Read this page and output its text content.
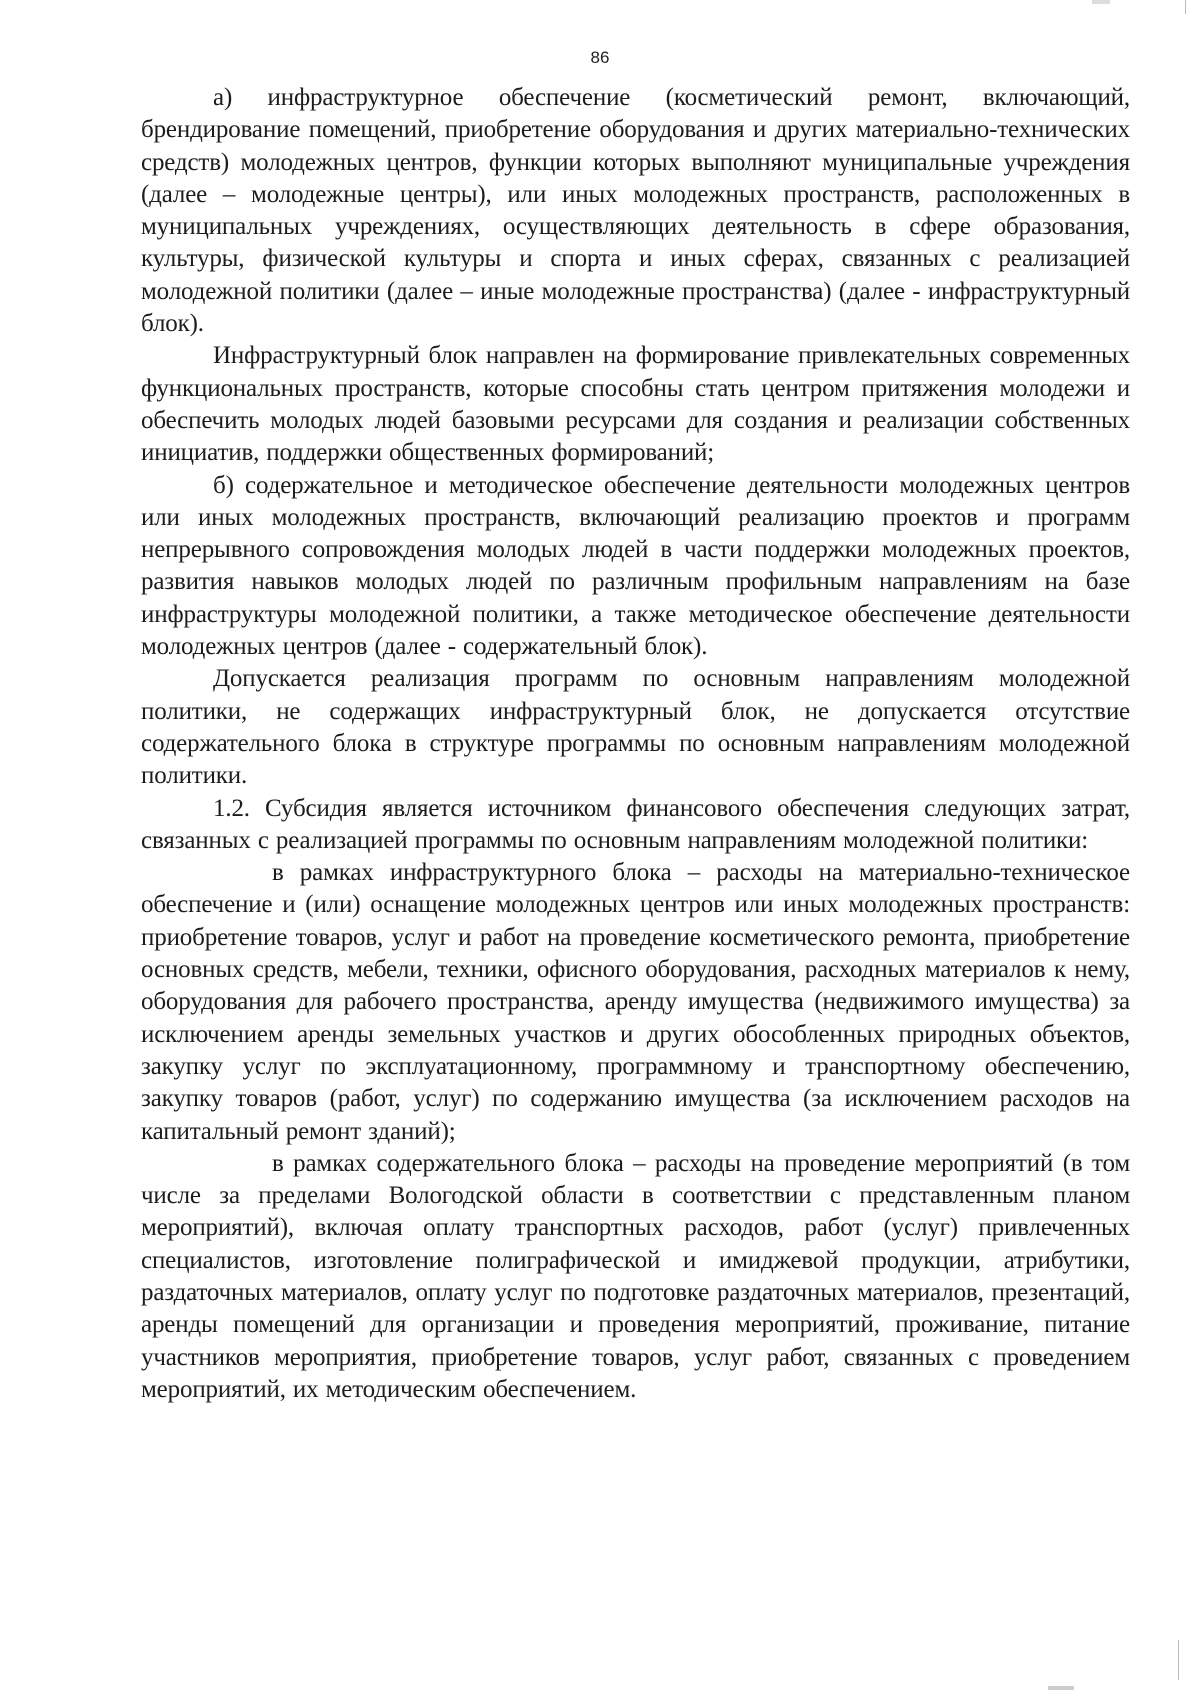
86

а) инфраструктурное обеспечение (косметический ремонт, включающий, брендирование помещений, приобретение оборудования и других материально-технических средств) молодежных центров, функции которых выполняют муниципальные учреждения (далее – молодежные центры), или иных молодежных пространств, расположенных в муниципальных учреждениях, осуществляющих деятельность в сфере образования, культуры, физической культуры и спорта и иных сферах, связанных с реализацией молодежной политики (далее – иные молодежные пространства) (далее - инфраструктурный блок).

Инфраструктурный блок направлен на формирование привлекательных современных функциональных пространств, которые способны стать центром притяжения молодежи и обеспечить молодых людей базовыми ресурсами для создания и реализации собственных инициатив, поддержки общественных формирований;

б) содержательное и методическое обеспечение деятельности молодежных центров или иных молодежных пространств, включающий реализацию проектов и программ непрерывного сопровождения молодых людей в части поддержки молодежных проектов, развития навыков молодых людей по различным профильным направлениям на базе инфраструктуры молодежной политики, а также методическое обеспечение деятельности молодежных центров (далее - содержательный блок).

Допускается реализация программ по основным направлениям молодежной политики, не содержащих инфраструктурный блок, не допускается отсутствие содержательного блока в структуре программы по основным направлениям молодежной политики.

1.2. Субсидия является источником финансового обеспечения следующих затрат, связанных с реализацией программы по основным направлениям молодежной политики:

в рамках инфраструктурного блока – расходы на материально-техническое обеспечение и (или) оснащение молодежных центров или иных молодежных пространств: приобретение товаров, услуг и работ на проведение косметического ремонта, приобретение основных средств, мебели, техники, офисного оборудования, расходных материалов к нему, оборудования для рабочего пространства, аренду имущества (недвижимого имущества) за исключением аренды земельных участков и других обособленных природных объектов, закупку услуг по эксплуатационному, программному и транспортному обеспечению, закупку товаров (работ, услуг) по содержанию имущества (за исключением расходов на капитальный ремонт зданий);

в рамках содержательного блока – расходы на проведение мероприятий (в том числе за пределами Вологодской области в соответствии с представленным планом мероприятий), включая оплату транспортных расходов, работ (услуг) привлеченных специалистов, изготовление полиграфической и имиджевой продукции, атрибутики, раздаточных материалов, оплату услуг по подготовке раздаточных материалов, презентаций, аренды помещений для организации и проведения мероприятий, проживание, питание участников мероприятия, приобретение товаров, услуг работ, связанных с проведением мероприятий, их методическим обеспечением.
